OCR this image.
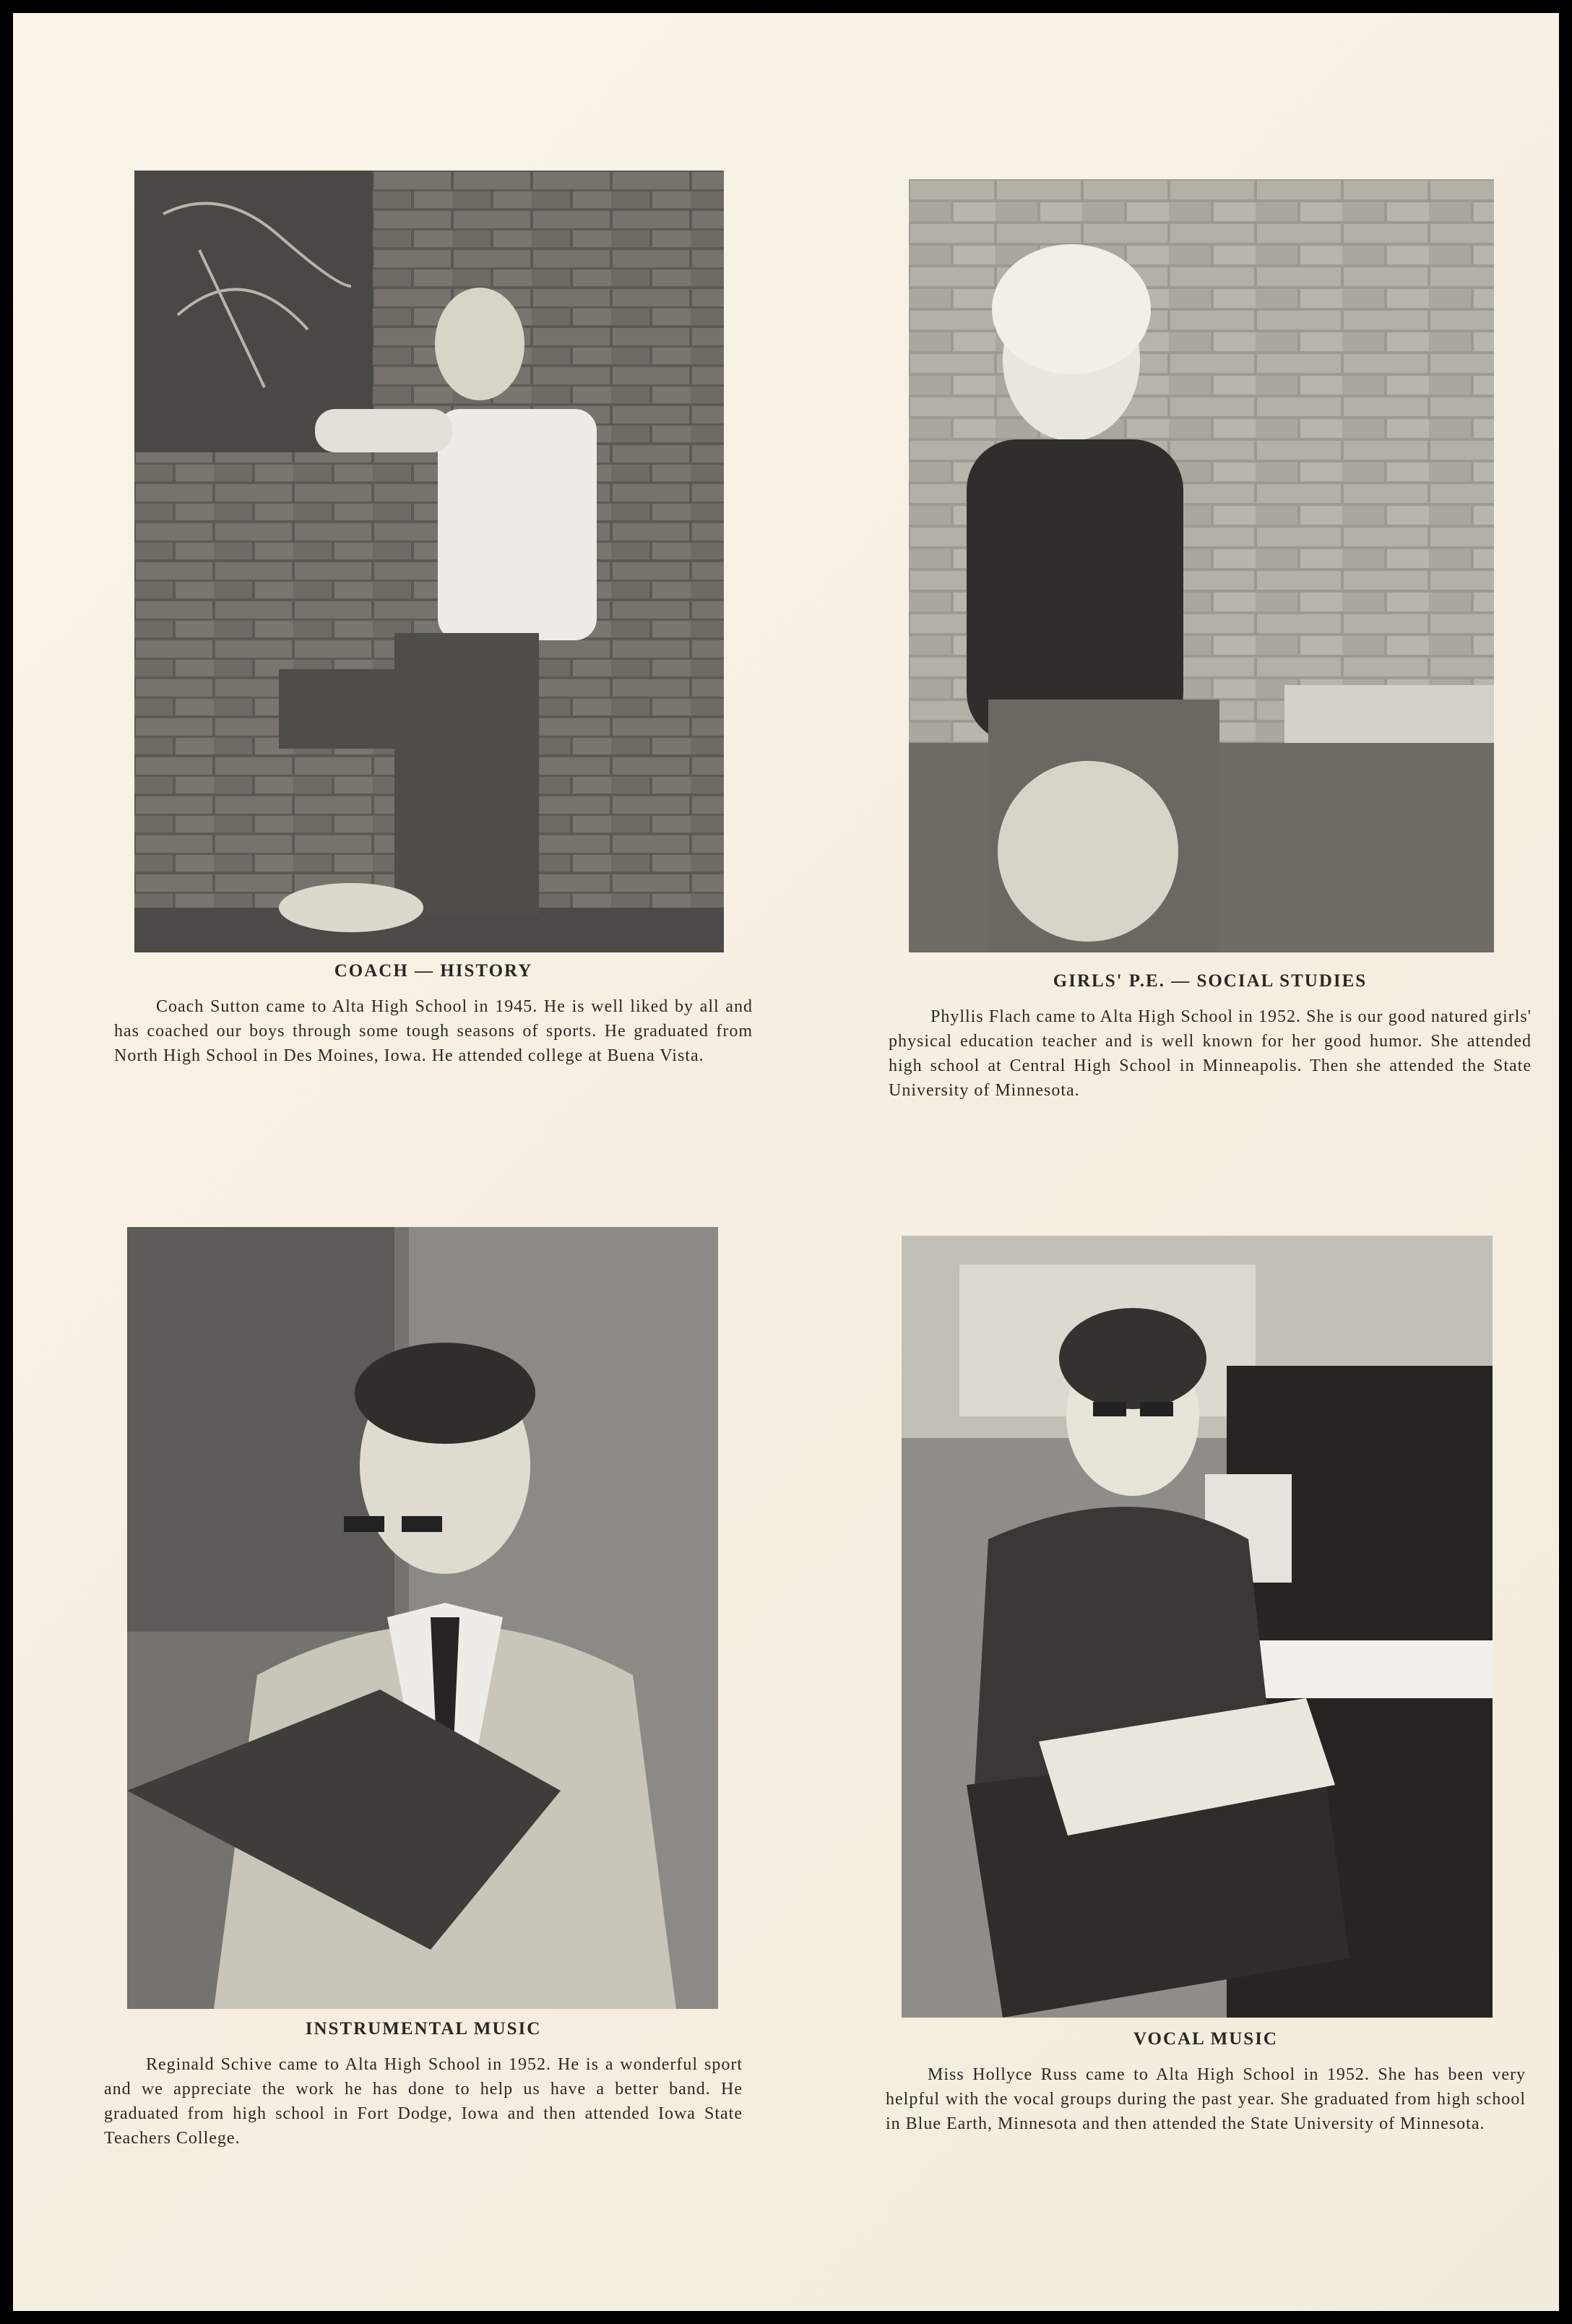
COACH — HISTORY

Coach Sutton came to Alta High School in 1945. He is well liked by all and has coached our boys through some tough seasons of sports. He graduated from North High School in Des Moines, Iowa. He attended college at Buena Vista.

GIRLS' P.E. — SOCIAL STUDIES

Phyllis Flach came to Alta High School in 1952. She is our good natured girls' physical education teacher and is well known for her good humor. She attended high school at Central High School in Minneapolis. Then she attended the State University of Minnesota.

INSTRUMENTAL MUSIC

Reginald Schive came to Alta High School in 1952. He is a wonderful sport and we appreciate the work he has done to help us have a better band. He graduated from high school in Fort Dodge, Iowa and then attended Iowa State Teachers College.

VOCAL MUSIC

Miss Hollyce Russ came to Alta High School in 1952. She has been very helpful with the vocal groups during the past year. She graduated from high school in Blue Earth, Minnesota and then attended the State University of Minnesota.
